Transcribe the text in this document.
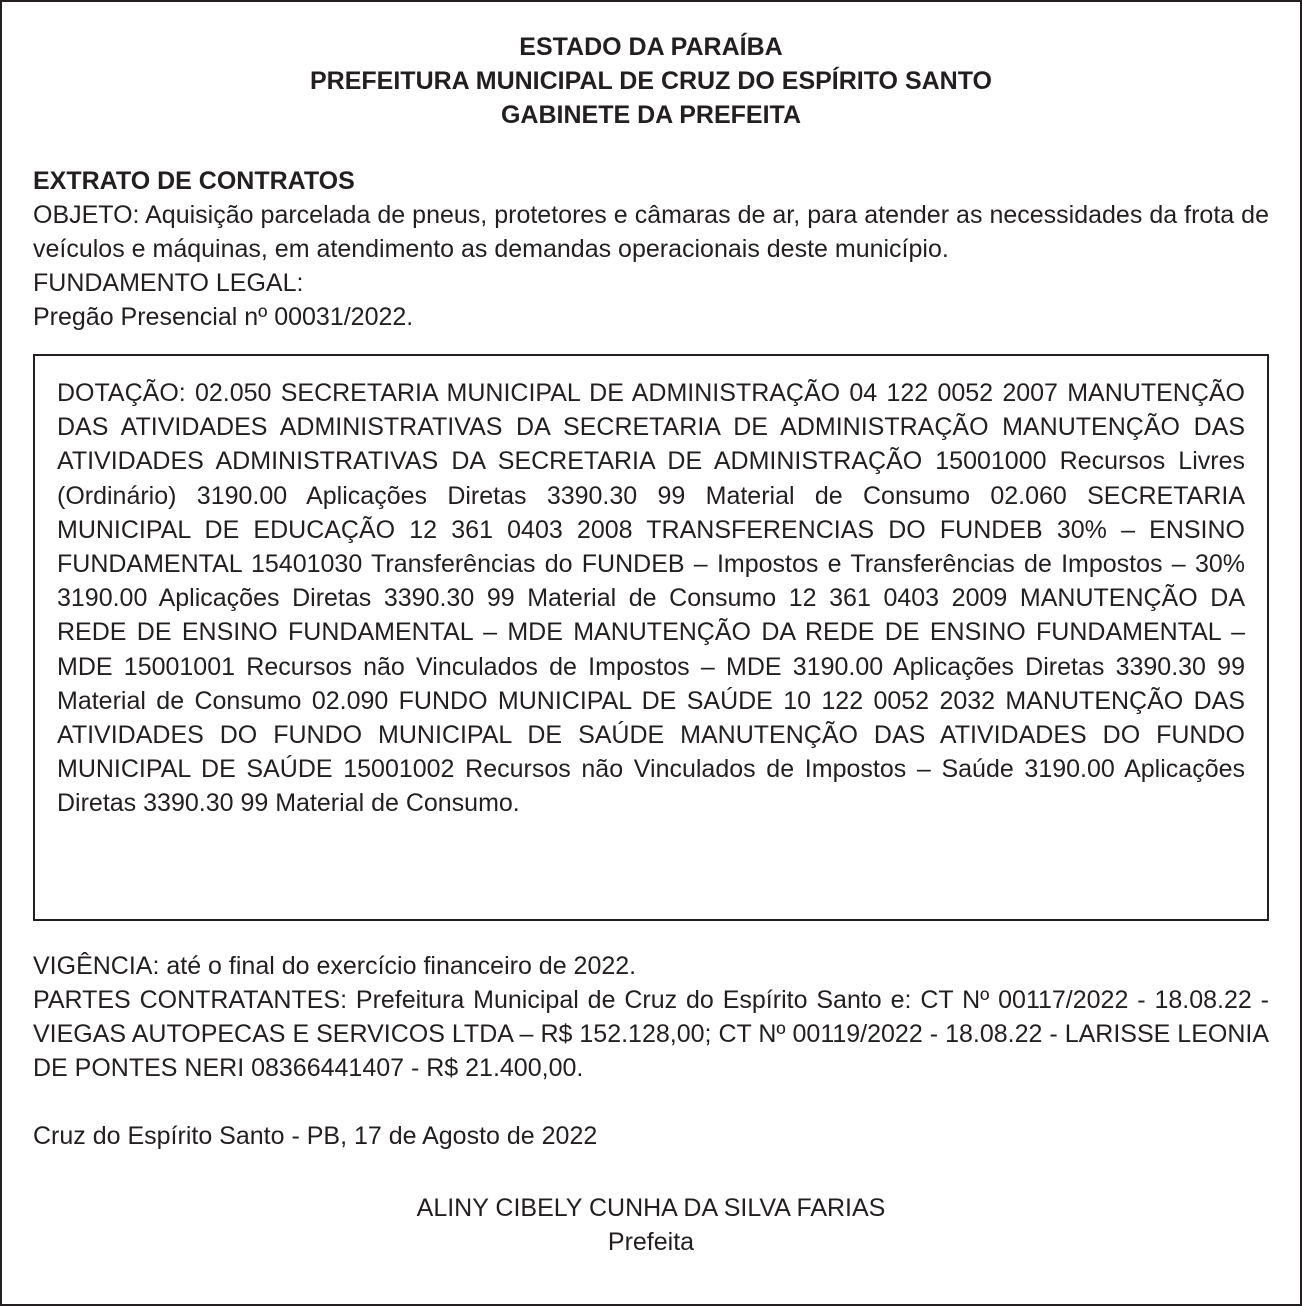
ESTADO DA PARAÍBA
PREFEITURA MUNICIPAL DE CRUZ DO ESPÍRITO SANTO
GABINETE DA PREFEITA
EXTRATO DE CONTRATOS

OBJETO: Aquisição parcelada de pneus, protetores e câmaras de ar, para atender as necessidades da frota de veículos e máquinas, em atendimento as demandas operacionais deste município.

FUNDAMENTO LEGAL:

Pregão Presencial nº 00031/2022.

DOTAÇÃO: 02.050 SECRETARIA MUNICIPAL DE ADMINISTRAÇÃO 04 122 0052 2007 MANUTENÇÃO DAS ATIVIDADES ADMINISTRATIVAS DA SECRETARIA DE ADMINISTRAÇÃO MANUTENÇÃO DAS ATIVIDADES ADMINISTRATIVAS DA SECRETARIA DE ADMINISTRAÇÃO 15001000 Recursos Livres (Ordinário) 3190.00 Aplicações Diretas 3390.30 99 Material de Consumo 02.060 SECRETARIA MUNICIPAL DE EDUCAÇÃO 12 361 0403 2008 TRANSFERENCIAS DO FUNDEB 30% – ENSINO FUNDAMENTAL 15401030 Transferências do FUNDEB – Impostos e Transferências de Impostos – 30% 3190.00 Aplicações Diretas 3390.30 99 Material de Consumo 12 361 0403 2009 MANUTENÇÃO DA REDE DE ENSINO FUNDAMENTAL – MDE MANUTENÇÃO DA REDE DE ENSINO FUNDAMENTAL – MDE 15001001 Recursos não Vinculados de Impostos – MDE 3190.00 Aplicações Diretas 3390.30 99 Material de Consumo 02.090 FUNDO MUNICIPAL DE SAÚDE 10 122 0052 2032 MANUTENÇÃO DAS ATIVIDADES DO FUNDO MUNICIPAL DE SAÚDE MANUTENÇÃO DAS ATIVIDADES DO FUNDO MUNICIPAL DE SAÚDE 15001002 Recursos não Vinculados de Impostos – Saúde 3190.00 Aplicações Diretas 3390.30 99 Material de Consumo.

VIGÊNCIA: até o final do exercício financeiro de 2022.

PARTES CONTRATANTES: Prefeitura Municipal de Cruz do Espírito Santo e: CT Nº 00117/2022 - 18.08.22 - VIEGAS AUTOPECAS E SERVICOS LTDA – R$ 152.128,00; CT Nº 00119/2022 - 18.08.22 - LARISSE LEONIA DE PONTES NERI 08366441407 - R$ 21.400,00.

Cruz do Espírito Santo - PB, 17 de Agosto de 2022
ALINY CIBELY CUNHA DA SILVA FARIAS
Prefeita
